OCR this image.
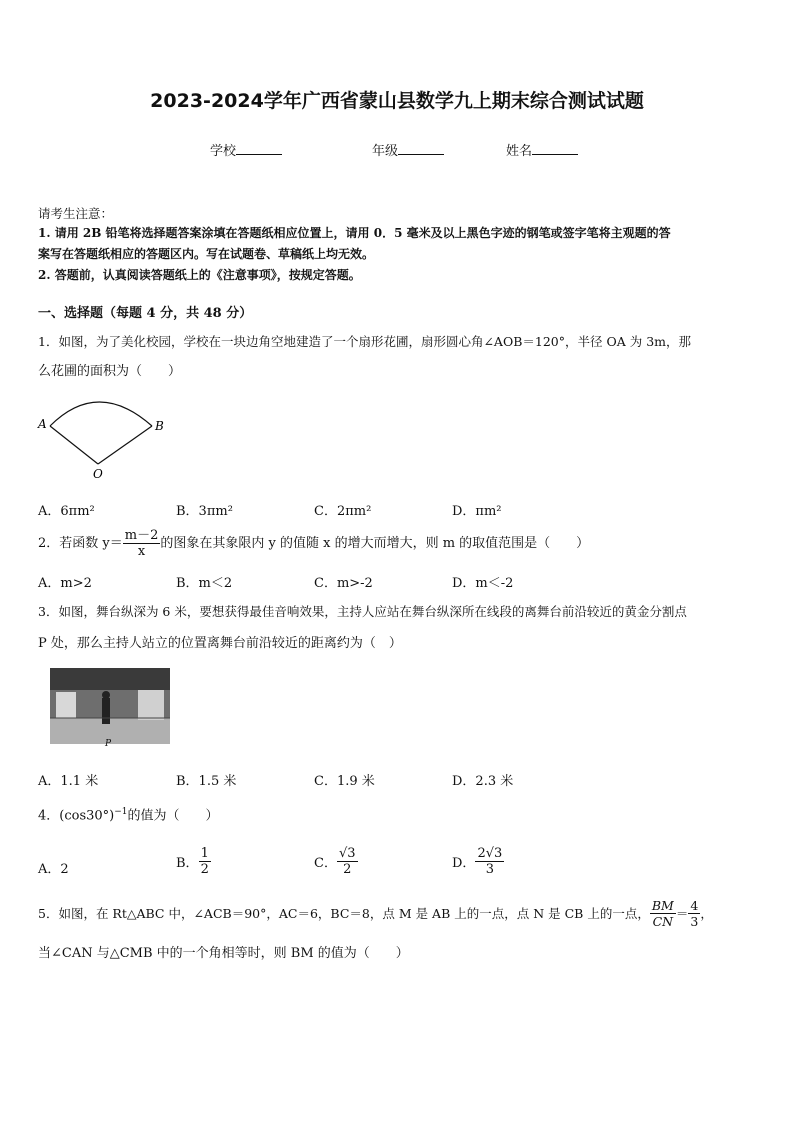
2023-2024学年广西省蒙山县数学九上期末综合测试试题
学校	年级	姓名
请考生注意：
1. 请用 2B 铅笔将选择题答案涂填在答题纸相应位置上，请用 0．5 毫米及以上黑色字迹的钢笔或签字笔将主观题的答
案写在答题纸相应的答题区内。写在试题卷、草稿纸上均无效。
2. 答题前，认真阅读答题纸上的《注意事项》，按规定答题。
一、选择题（每题 4 分，共 48 分）
1．如图，为了美化校园，学校在一块边角空地建造了一个扇形花圃，扇形圆心角∠AOB＝120°，半径 OA 为 3m，那
么花圃的面积为（　　）
A	B
O
A．6πm²	B．3πm²	C．2πm²	D．πm²
2．若函数 $y= \frac{m-2}{x}$ 的图象在其象限内 y 的值随 x 的增大而增大，则 m 的取值范围是（　　）
A．m>2	B．m＜2	C．m>-2	D．m＜-2
3．如图，舞台纵深为 6 米，要想获得最佳音响效果，主持人应站在舞台纵深所在线段的离舞台前沿较近的黄金分割点
P 处，那么主持人站立的位置离舞台前沿较近的距离约为（　）
P
A．1.1 米	B．1.5 米	C．1.9 米	D．2.3 米
4．$(\cos 30^\circ)^{-1}$的值为（　　）
A．2	B． $\frac{1}{2}$	C． $\frac{√3}{2}$	D． $\frac{2√3}{3}$
5．如图，在 Rt△ABC 中，∠ACB＝90°，AC＝6，BC＝8，点 M 是 AB 上的一点，点 N 是 CB 上的一点， $\frac{BM}{CN} = \frac{4}{3}$ ，
当∠CAN 与△CMB 中的一个角相等时，则 BM 的值为（　　）
